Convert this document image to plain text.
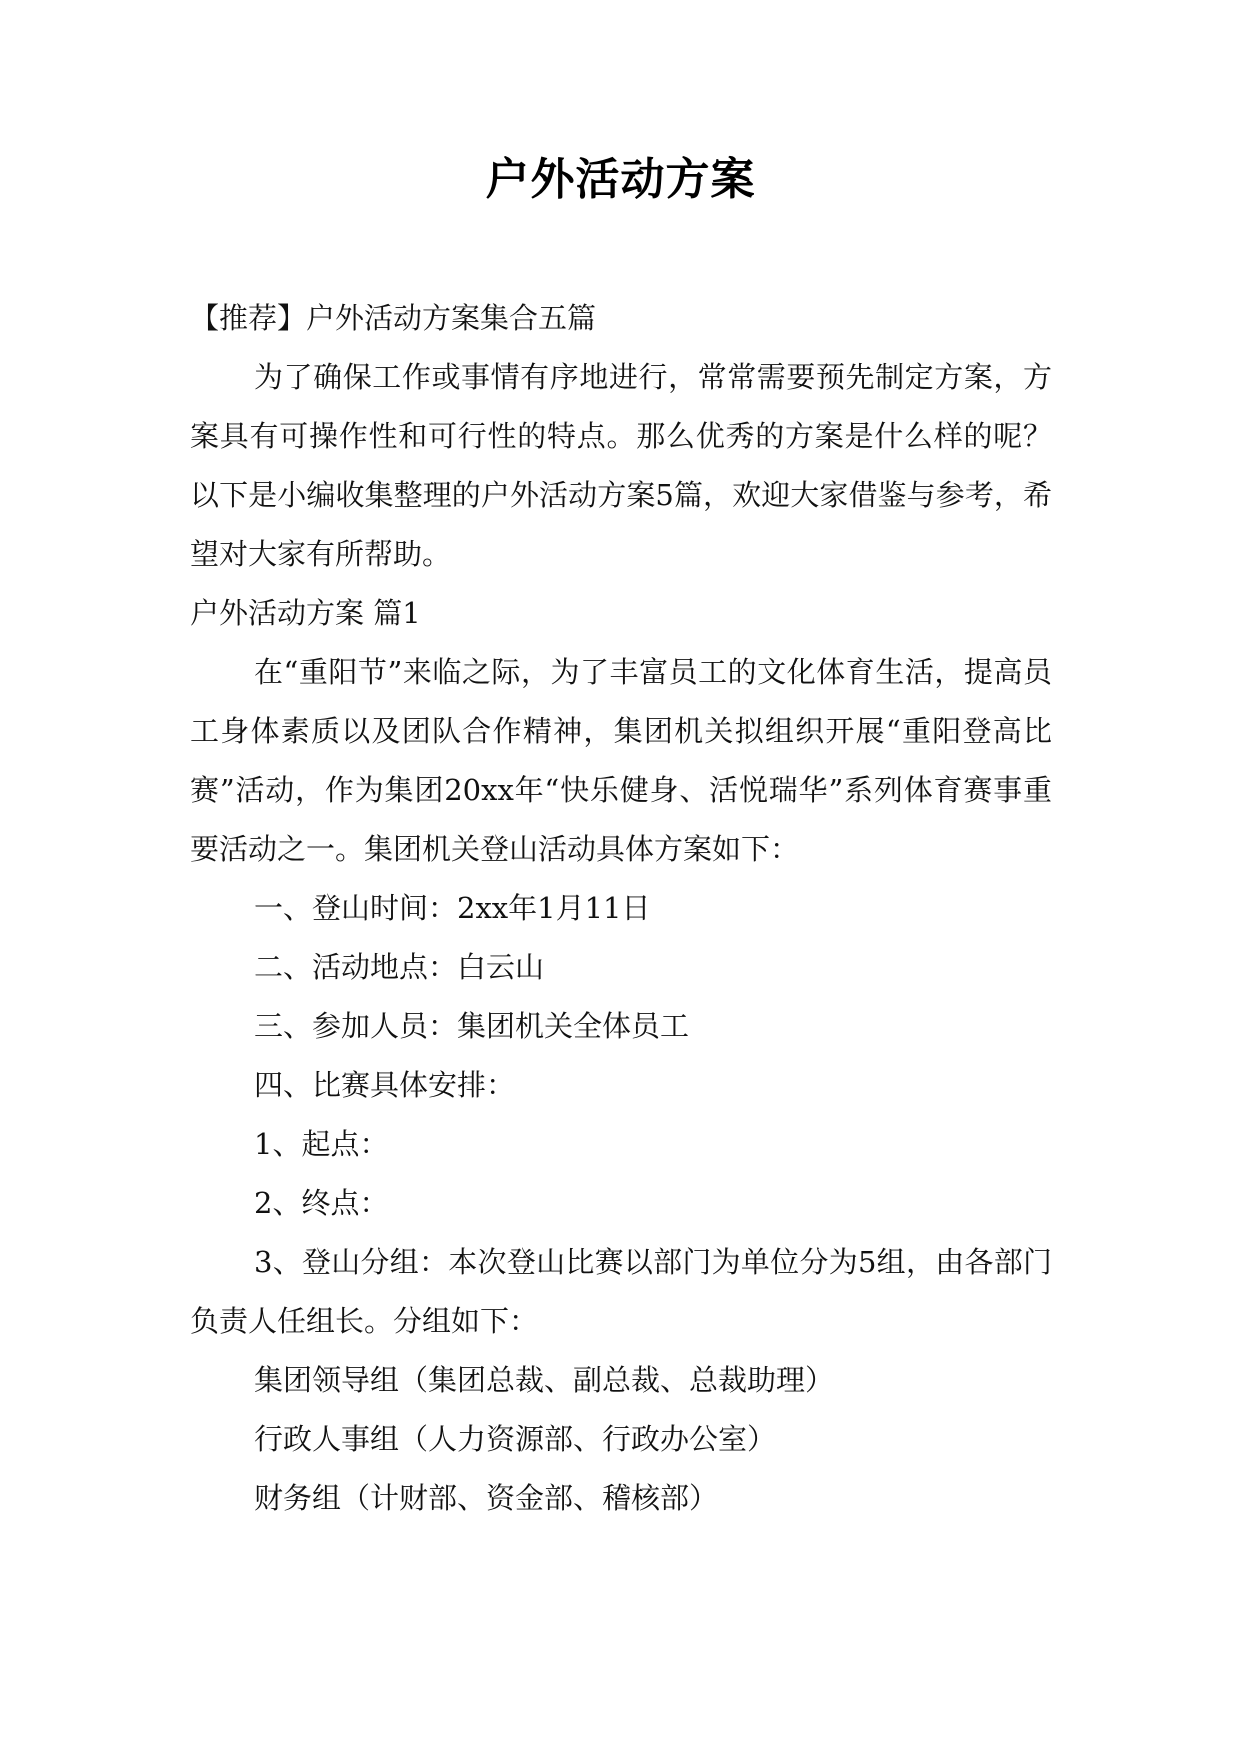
户外活动方案

【推荐】户外活动方案集合五篇

为了确保工作或事情有序地进行，常常需要预先制定方案，方案具有可操作性和可行性的特点。那么优秀的方案是什么样的呢？以下是小编收集整理的户外活动方案5篇，欢迎大家借鉴与参考，希望对大家有所帮助。

户外活动方案 篇1

在“重阳节”来临之际，为了丰富员工的文化体育生活，提高员工身体素质以及团队合作精神，集团机关拟组织开展“重阳登高比赛”活动，作为集团20xx年“快乐健身、活悦瑞华”系列体育赛事重要活动之一。集团机关登山活动具体方案如下：

一、登山时间：2xx年1月11日

二、活动地点：白云山

三、参加人员：集团机关全体员工

四、比赛具体安排：

1、起点：

2、终点：

3、登山分组：本次登山比赛以部门为单位分为5组，由各部门负责人任组长。分组如下：

集团领导组（集团总裁、副总裁、总裁助理）

行政人事组（人力资源部、行政办公室）

财务组（计财部、资金部、稽核部）
